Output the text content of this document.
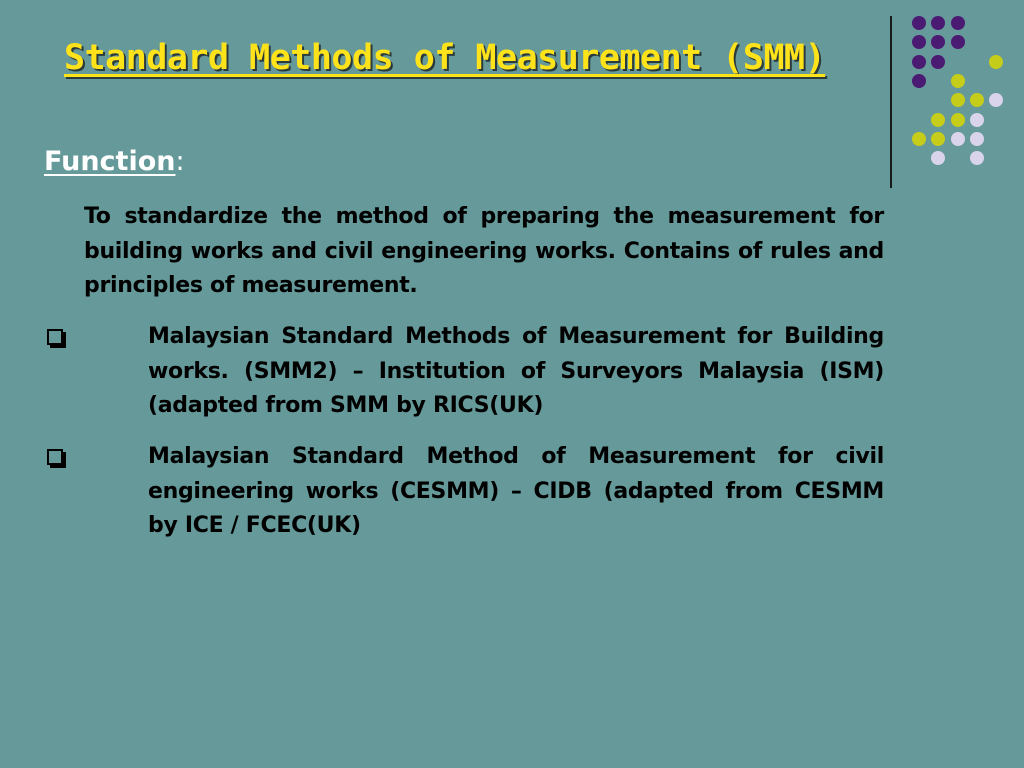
Standard Methods of Measurement (SMM)
Function:
To standardize the method of preparing the measurement for building works and civil engineering works. Contains of rules and principles of measurement.
Malaysian Standard Methods of Measurement for Building works. (SMM2) – Institution of Surveyors Malaysia (ISM) (adapted from SMM by RICS(UK)
Malaysian Standard Method of Measurement for civil engineering works (CESMM) – CIDB (adapted from CESMM by ICE / FCEC(UK)
